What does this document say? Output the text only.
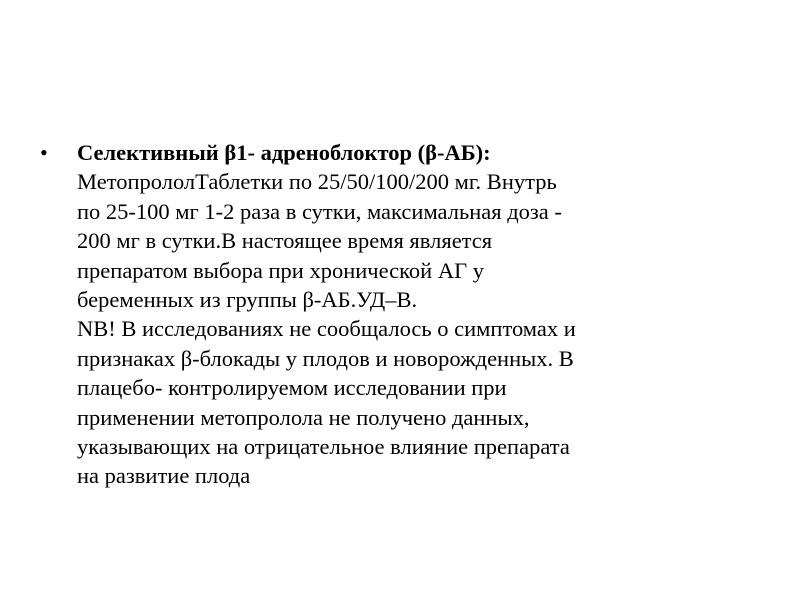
• Селективный β1- адреноблоктор (β-АБ):
МетопрололТаблетки по 25/50/100/200 мг. Внутрь
по 25-100 мг 1-2 раза в сутки, максимальная доза -
200 мг в сутки.В настоящее время является
препаратом выбора при хронической АГ у
беременных из группы β-АБ.УД–В.
NB! В исследованиях не сообщалось о симптомах и
признаках β-блокады у плодов и новорожденных. В
плацебо- контролируемом исследовании при
применении метопролола не получено данных,
указывающих на отрицательное влияние препарата
на развитие плода
